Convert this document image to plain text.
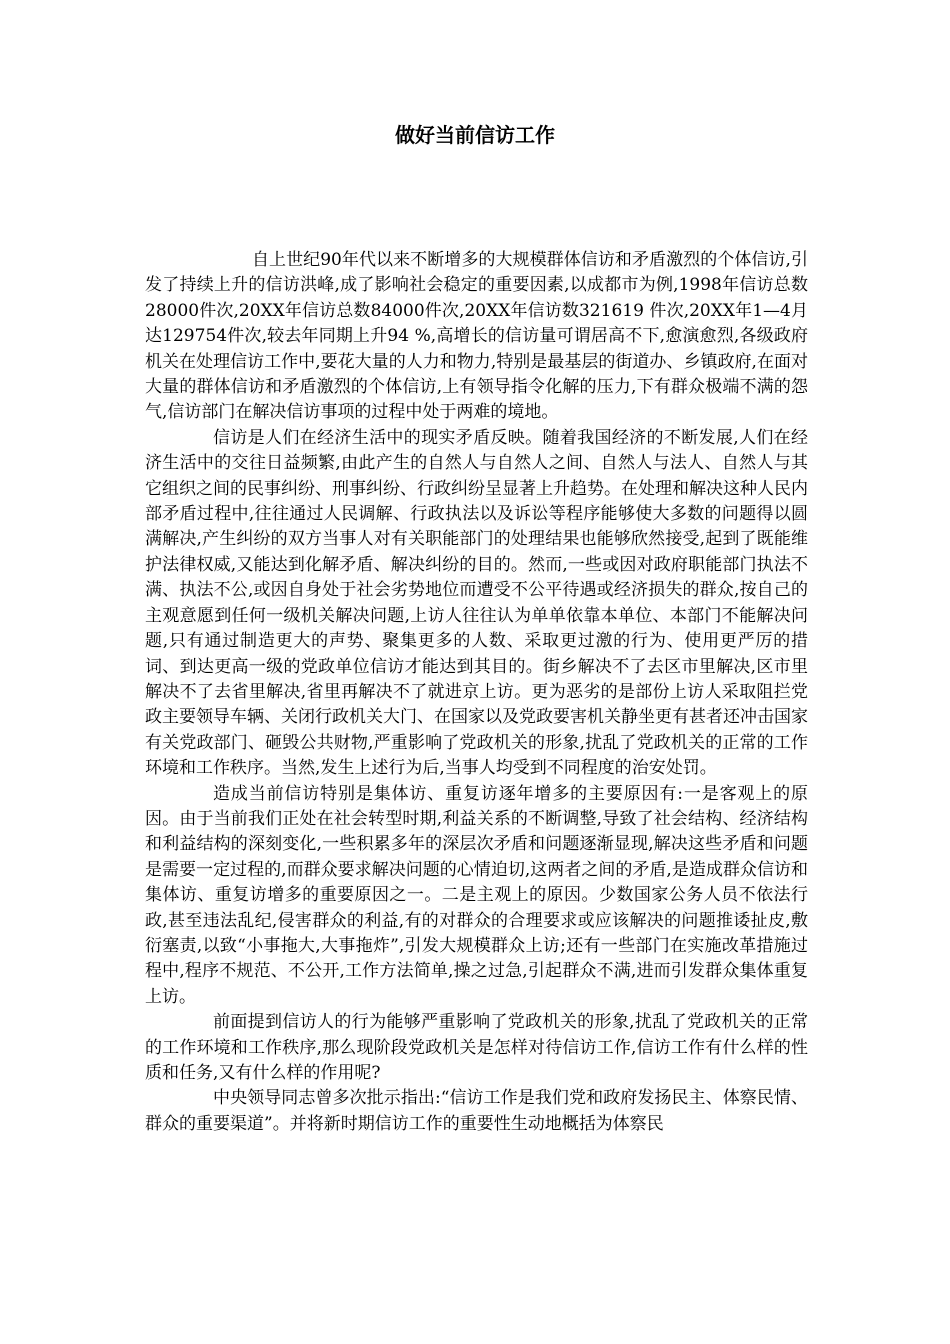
做好当前信访工作

自上世纪90年代以来不断增多的大规模群体信访和矛盾激烈的个体信访,引发了持续上升的信访洪峰,成了影响社会稳定的重要因素,以成都市为例,1998年信访总数28000件次,20XX年信访总数84000件次,20XX年信访数321619 件次,20XX年1—4月达129754件次,较去年同期上升94 %,高增长的信访量可谓居高不下,愈演愈烈,各级政府机关在处理信访工作中,要花大量的人力和物力,特别是最基层的街道办、乡镇政府,在面对大量的群体信访和矛盾激烈的个体信访,上有领导指令化解的压力,下有群众极端不满的怨气,信访部门在解决信访事项的过程中处于两难的境地。

信访是人们在经济生活中的现实矛盾反映。随着我国经济的不断发展,人们在经济生活中的交往日益频繁,由此产生的自然人与自然人之间、自然人与法人、自然人与其它组织之间的民事纠纷、刑事纠纷、行政纠纷呈显著上升趋势。在处理和解决这种人民内部矛盾过程中,往往通过人民调解、行政执法以及诉讼等程序能够使大多数的问题得以圆满解决,产生纠纷的双方当事人对有关职能部门的处理结果也能够欣然接受,起到了既能维护法律权威,又能达到化解矛盾、解决纠纷的目的。然而,一些或因对政府职能部门执法不满、执法不公,或因自身处于社会劣势地位而遭受不公平待遇或经济损失的群众,按自己的主观意愿到任何一级机关解决问题,上访人往往认为单单依靠本单位、本部门不能解决问题,只有通过制造更大的声势、聚集更多的人数、采取更过激的行为、使用更严厉的措词、到达更高一级的党政单位信访才能达到其目的。街乡解决不了去区市里解决,区市里解决不了去省里解决,省里再解决不了就进京上访。更为恶劣的是部份上访人采取阻拦党政主要领导车辆、关闭行政机关大门、在国家以及党政要害机关静坐更有甚者还冲击国家有关党政部门、砸毁公共财物,严重影响了党政机关的形象,扰乱了党政机关的正常的工作环境和工作秩序。当然,发生上述行为后,当事人均受到不同程度的治安处罚。

造成当前信访特别是集体访、重复访逐年增多的主要原因有:一是客观上的原因。由于当前我们正处在社会转型时期,利益关系的不断调整,导致了社会结构、经济结构和利益结构的深刻变化,一些积累多年的深层次矛盾和问题逐渐显现,解决这些矛盾和问题是需要一定过程的,而群众要求解决问题的心情迫切,这两者之间的矛盾,是造成群众信访和集体访、重复访增多的重要原因之一。二是主观上的原因。少数国家公务人员不依法行政,甚至违法乱纪,侵害群众的利益,有的对群众的合理要求或应该解决的问题推诿扯皮,敷衍塞责,以致“小事拖大,大事拖炸”,引发大规模群众上访;还有一些部门在实施改革措施过程中,程序不规范、不公开,工作方法简单,操之过急,引起群众不满,进而引发群众集体重复上访。

前面提到信访人的行为能够严重影响了党政机关的形象,扰乱了党政机关的正常的工作环境和工作秩序,那么现阶段党政机关是怎样对待信访工作,信访工作有什么样的性质和任务,又有什么样的作用呢?

中央领导同志曾多次批示指出:“信访工作是我们党和政府发扬民主、体察民情、群众的重要渠道”。并将新时期信访工作的重要性生动地概括为体察民
